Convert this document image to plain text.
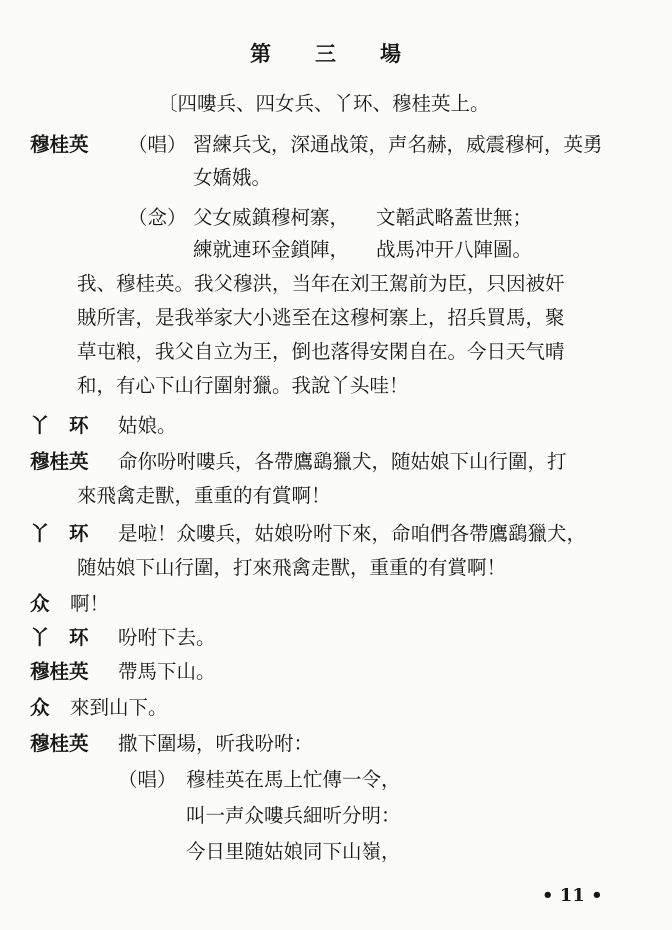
第 三 場
〔四嘍兵、四女兵、丫环、穆桂英上。
穆桂英 （唱） 習練兵戈，深通战策，声名赫，威震穆柯，英勇
女嬌娥。
（念） 父女威鎮穆柯寨， 文韜武略蓋世無；
練就連环金鎖陣， 战馬冲开八陣圖。
我、穆桂英。我父穆洪，当年在刘王駕前为臣，只因被奸
賊所害，是我举家大小逃至在这穆柯寨上，招兵買馬，聚
草屯粮，我父自立为王，倒也落得安閑自在。今日天气晴
和，有心下山行圍射獵。我說丫头哇！
丫　环 姑娘。
穆桂英 命你吩咐嘍兵，各帶鷹鷂獵犬，随姑娘下山行圍，打
來飛禽走獸，重重的有賞啊！
丫　环 是啦！众嘍兵，姑娘吩咐下來，命咱們各帶鷹鷂獵犬，
随姑娘下山行圍，打來飛禽走獸，重重的有賞啊！
众 啊！
丫　环 吩咐下去。
穆桂英 帶馬下山。
众 來到山下。
穆桂英 撒下圍場，听我吩咐：
（唱） 穆桂英在馬上忙傳一令，
叫一声众嘍兵細听分明：
今日里随姑娘同下山嶺，
• 11 •
